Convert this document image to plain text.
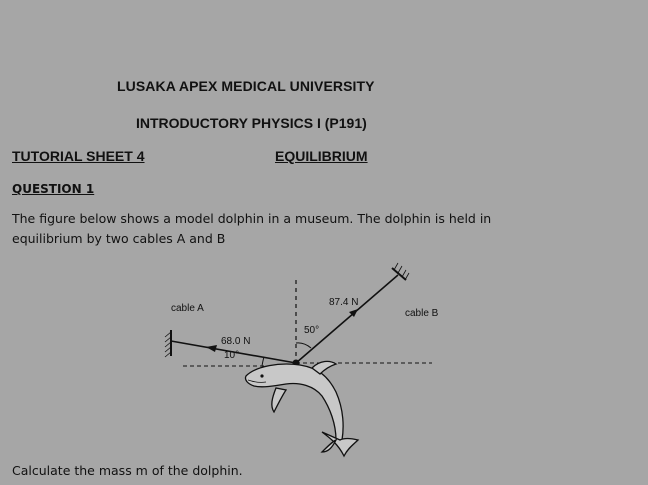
LUSAKA APEX MEDICAL UNIVERSITY
INTRODUCTORY PHYSICS I (P191)
TUTORIAL SHEET 4	EQUILIBRIUM
QUESTION 1
The figure below shows a model dolphin in a museum. The dolphin is held in equilibrium by two cables A and B
cable A
68.0 N
10°
87.4 N
50°
cable B
Calculate the mass m of the dolphin.
